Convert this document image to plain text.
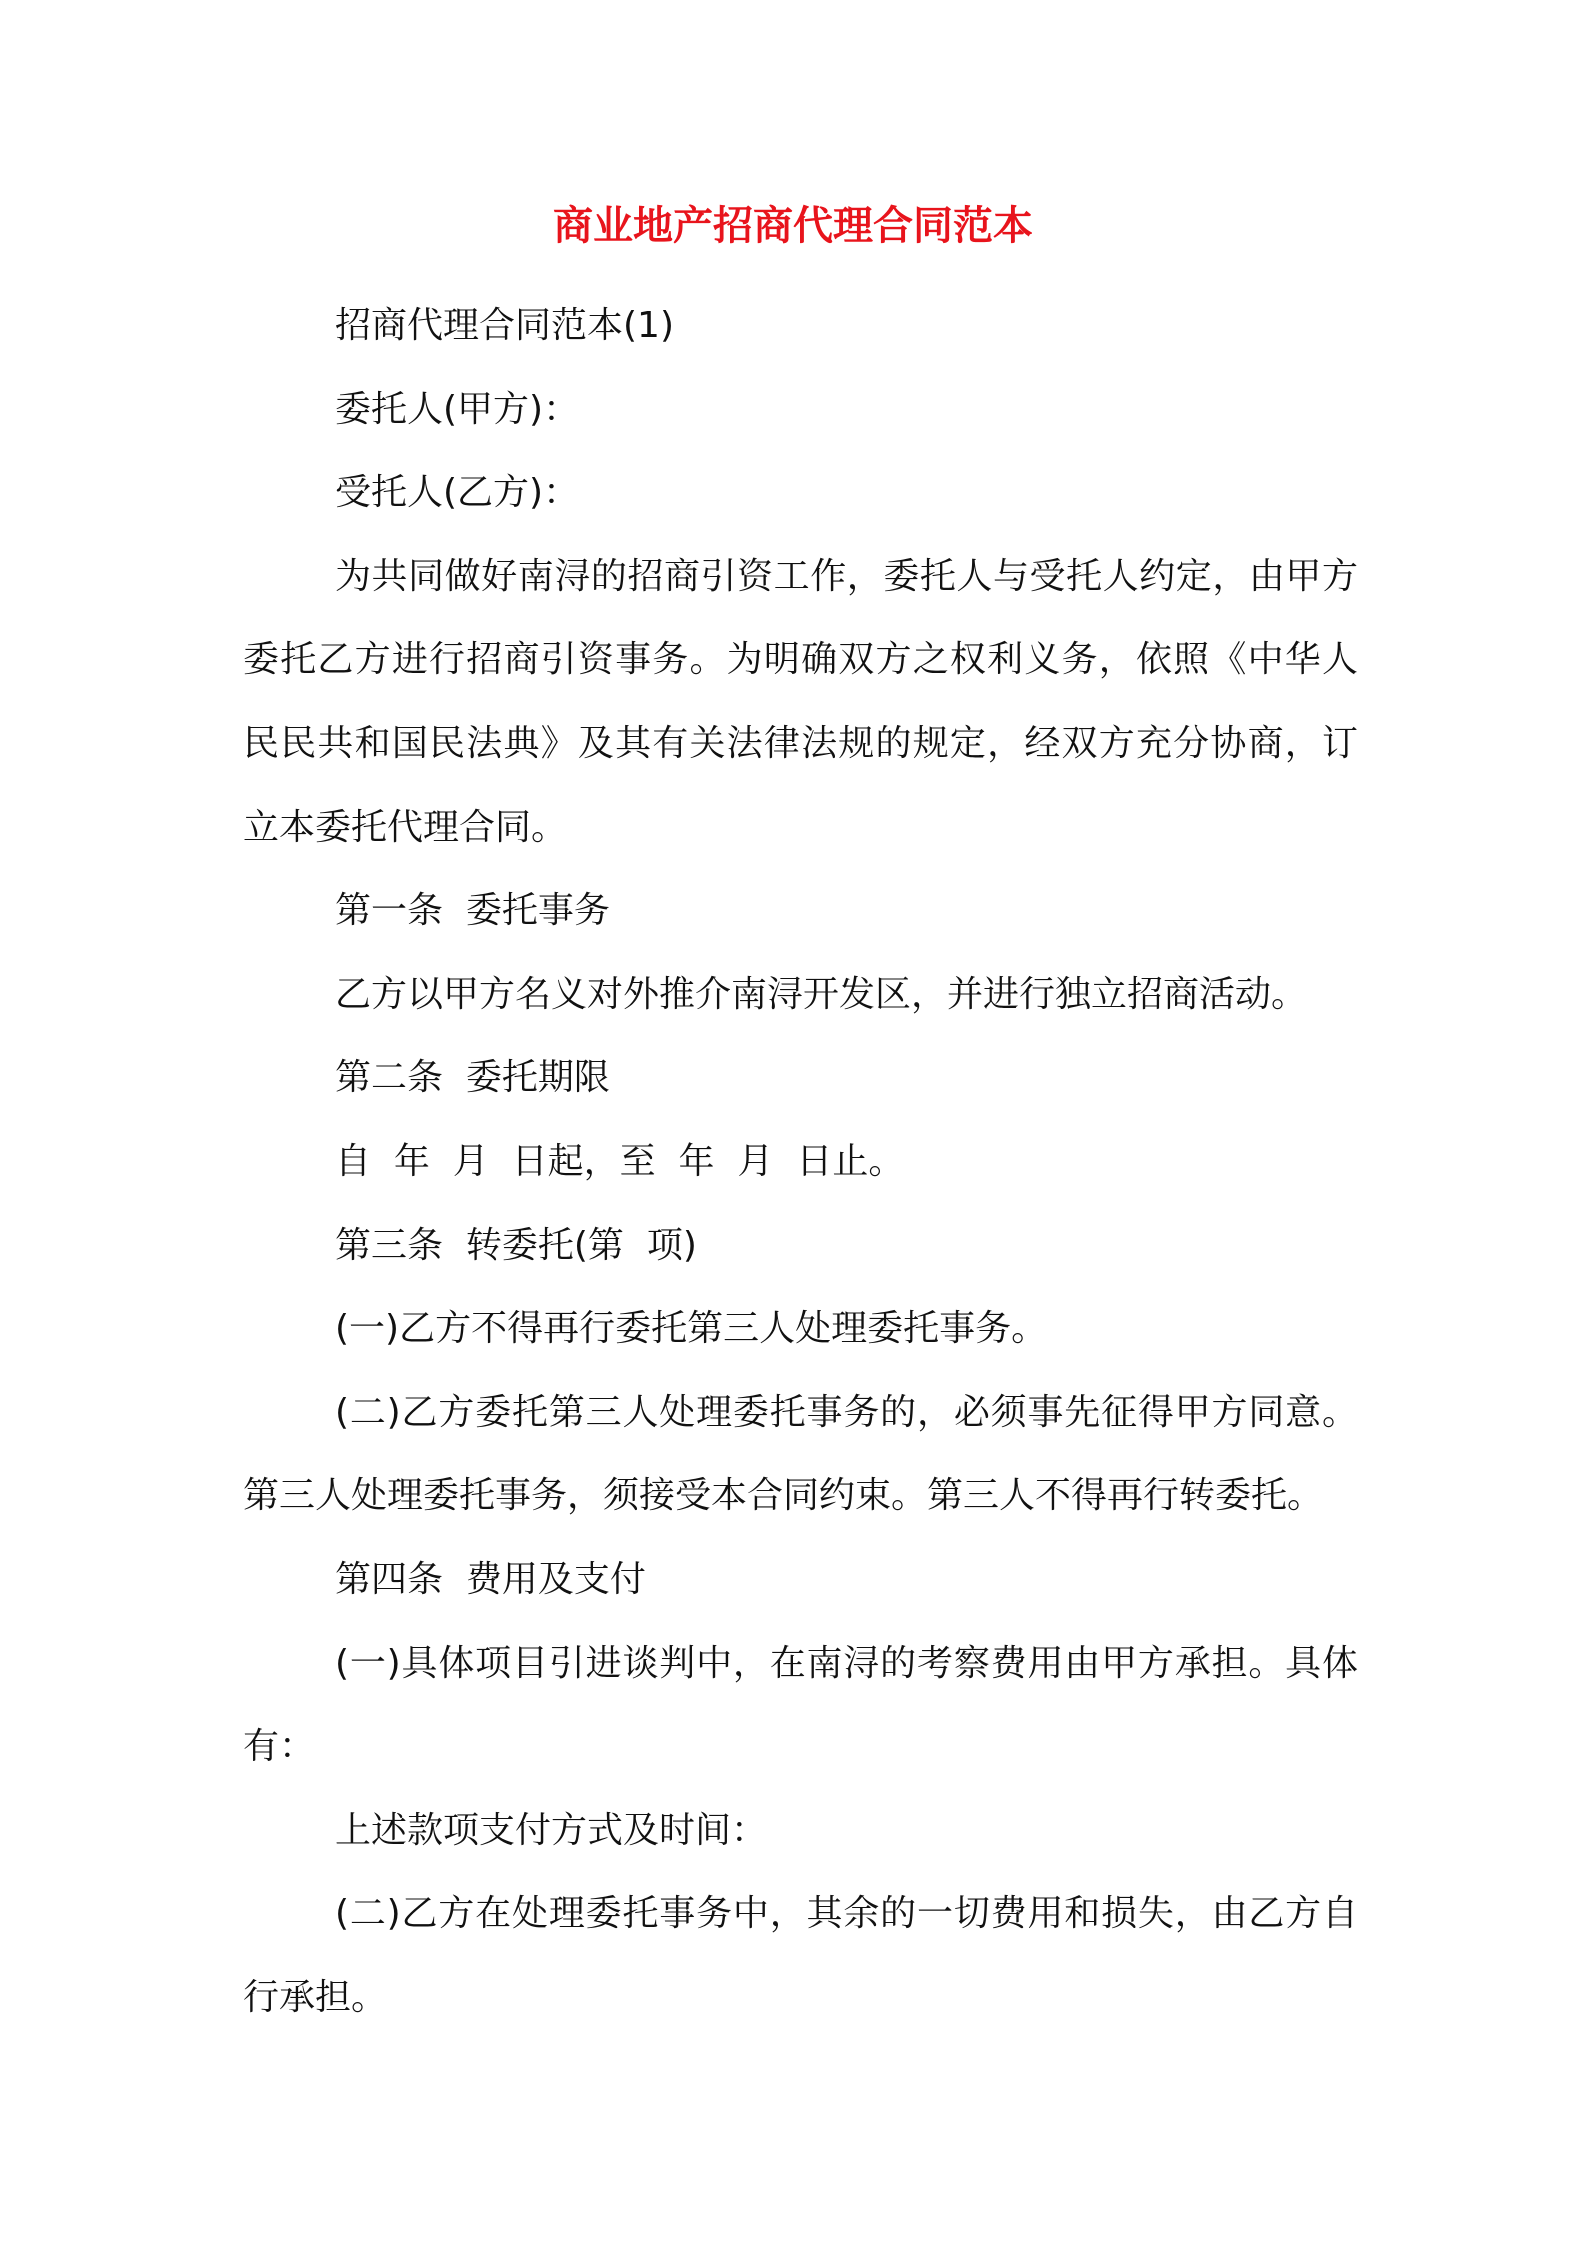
商业地产招商代理合同范本

招商代理合同范本(1)

委托人(甲方)：

受托人(乙方)：

为共同做好南浔的招商引资工作，委托人与受托人约定，由甲方委托乙方进行招商引资事务。为明确双方之权利义务，依照《中华人民民共和国民法典》及其有关法律法规的规定，经双方充分协商，订立本委托代理合同。

第一条  委托事务

乙方以甲方名义对外推介南浔开发区，并进行独立招商活动。

第二条  委托期限

自  年  月  日起，至  年  月  日止。

第三条  转委托(第  项)

(一)乙方不得再行委托第三人处理委托事务。

(二)乙方委托第三人处理委托事务的，必须事先征得甲方同意。第三人处理委托事务，须接受本合同约束。第三人不得再行转委托。

第四条  费用及支付

(一)具体项目引进谈判中，在南浔的考察费用由甲方承担。具体有：

上述款项支付方式及时间：

(二)乙方在处理委托事务中，其余的一切费用和损失，由乙方自行承担。
